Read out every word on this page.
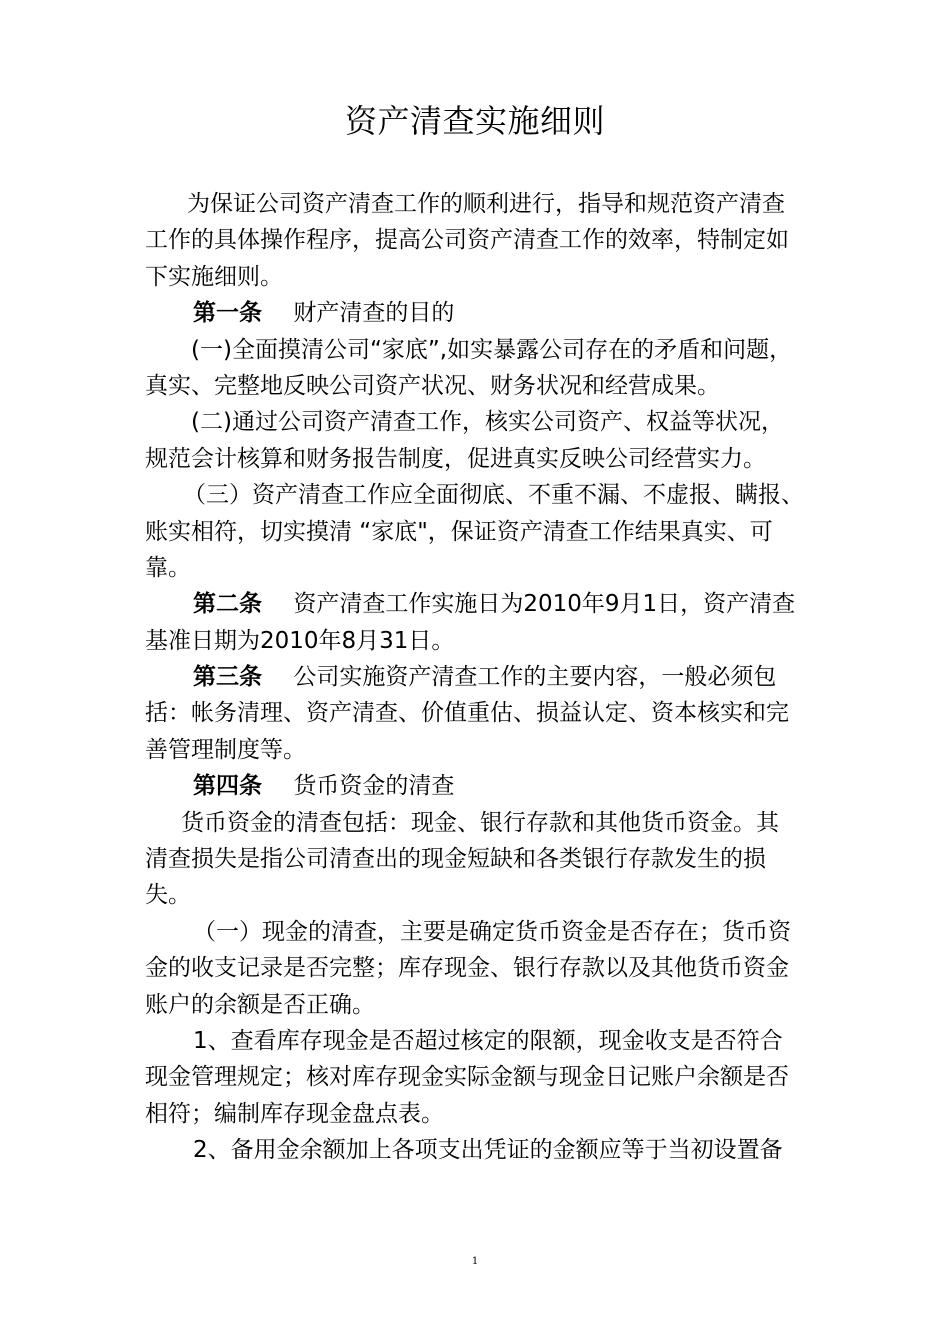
资产清查实施细则
为保证公司资产清查工作的顺利进行，指导和规范资产清查
工作的具体操作程序，提高公司资产清查工作的效率，特制定如
下实施细则。
第一条 财产清查的目的
(一)全面摸清公司“家底”,如实暴露公司存在的矛盾和问题，
真实、完整地反映公司资产状况、财务状况和经营成果。
(二)通过公司资产清查工作，核实公司资产、权益等状况，
规范会计核算和财务报告制度，促进真实反映公司经营实力。
（三）资产清查工作应全面彻底、不重不漏、不虚报、瞒报、
账实相符，切实摸清 “家底"，保证资产清查工作结果真实、可
靠。
第二条 资产清查工作实施日为2010年9月1日，资产清查
基准日期为2010年8月31日。
第三条 公司实施资产清查工作的主要内容，一般必须包
括：帐务清理、资产清查、价值重估、损益认定、资本核实和完
善管理制度等。
第四条 货币资金的清查
货币资金的清查包括：现金、银行存款和其他货币资金。其
清查损失是指公司清查出的现金短缺和各类银行存款发生的损
失。
（一）现金的清查，主要是确定货币资金是否存在；货币资
金的收支记录是否完整；库存现金、银行存款以及其他货币资金
账户的余额是否正确。
1、查看库存现金是否超过核定的限额，现金收支是否符合
现金管理规定；核对库存现金实际金额与现金日记账户余额是否
相符；编制库存现金盘点表。
2、备用金余额加上各项支出凭证的金额应等于当初设置备
1
